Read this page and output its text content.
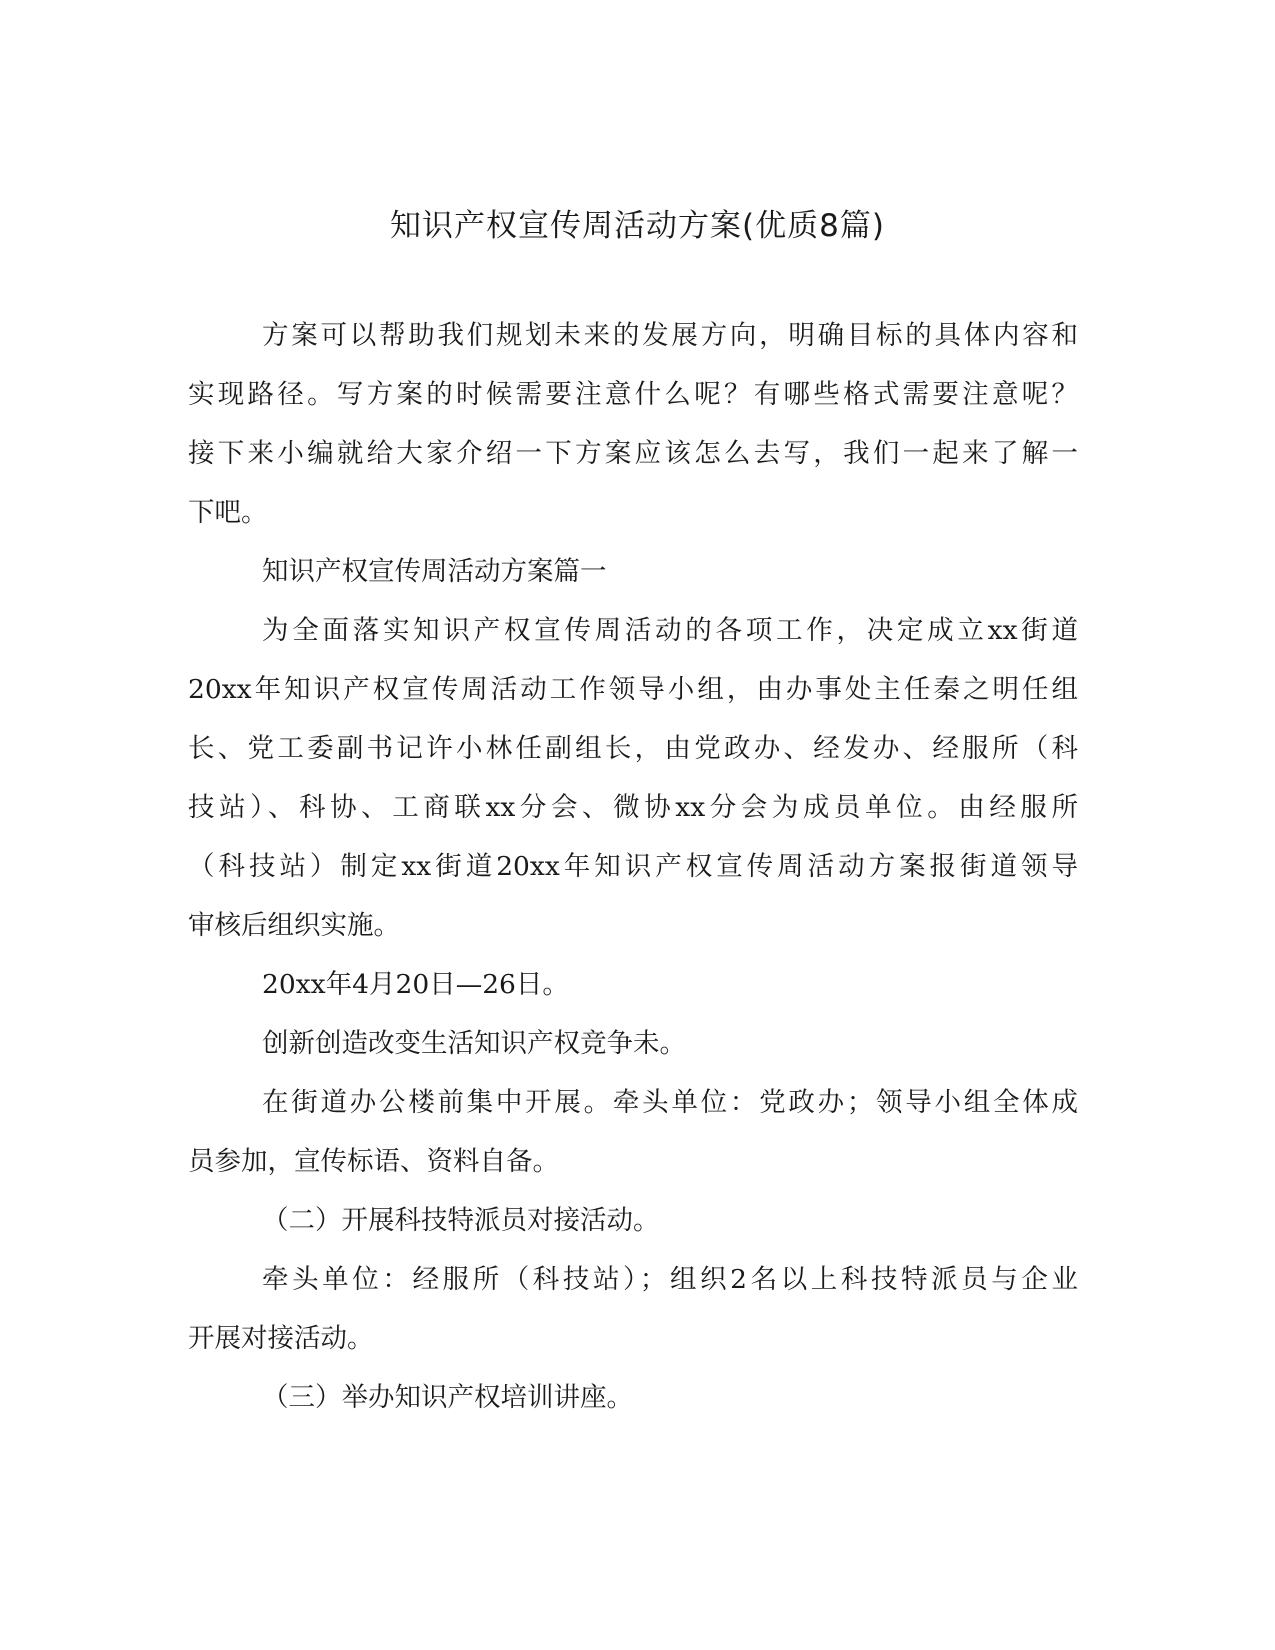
知识产权宣传周活动方案(优质8篇)

方案可以帮助我们规划未来的发展方向，明确目标的具体内容和

实现路径。写方案的时候需要注意什么呢？有哪些格式需要注意呢？

接下来小编就给大家介绍一下方案应该怎么去写，我们一起来了解一

下吧。

知识产权宣传周活动方案篇一

为全面落实知识产权宣传周活动的各项工作，决定成立xx街道

20xx年知识产权宣传周活动工作领导小组，由办事处主任秦之明任组

长、党工委副书记许小林任副组长，由党政办、经发办、经服所（科

技站）、科协、工商联xx分会、微协xx分会为成员单位。由经服所

（科技站）制定xx街道20xx年知识产权宣传周活动方案报街道领导

审核后组织实施。

20xx年4月20日—26日。

创新创造改变生活知识产权竞争未。

在街道办公楼前集中开展。牵头单位：党政办；领导小组全体成

员参加，宣传标语、资料自备。

（二）开展科技特派员对接活动。

牵头单位：经服所（科技站）；组织2名以上科技特派员与企业

开展对接活动。

（三）举办知识产权培训讲座。
